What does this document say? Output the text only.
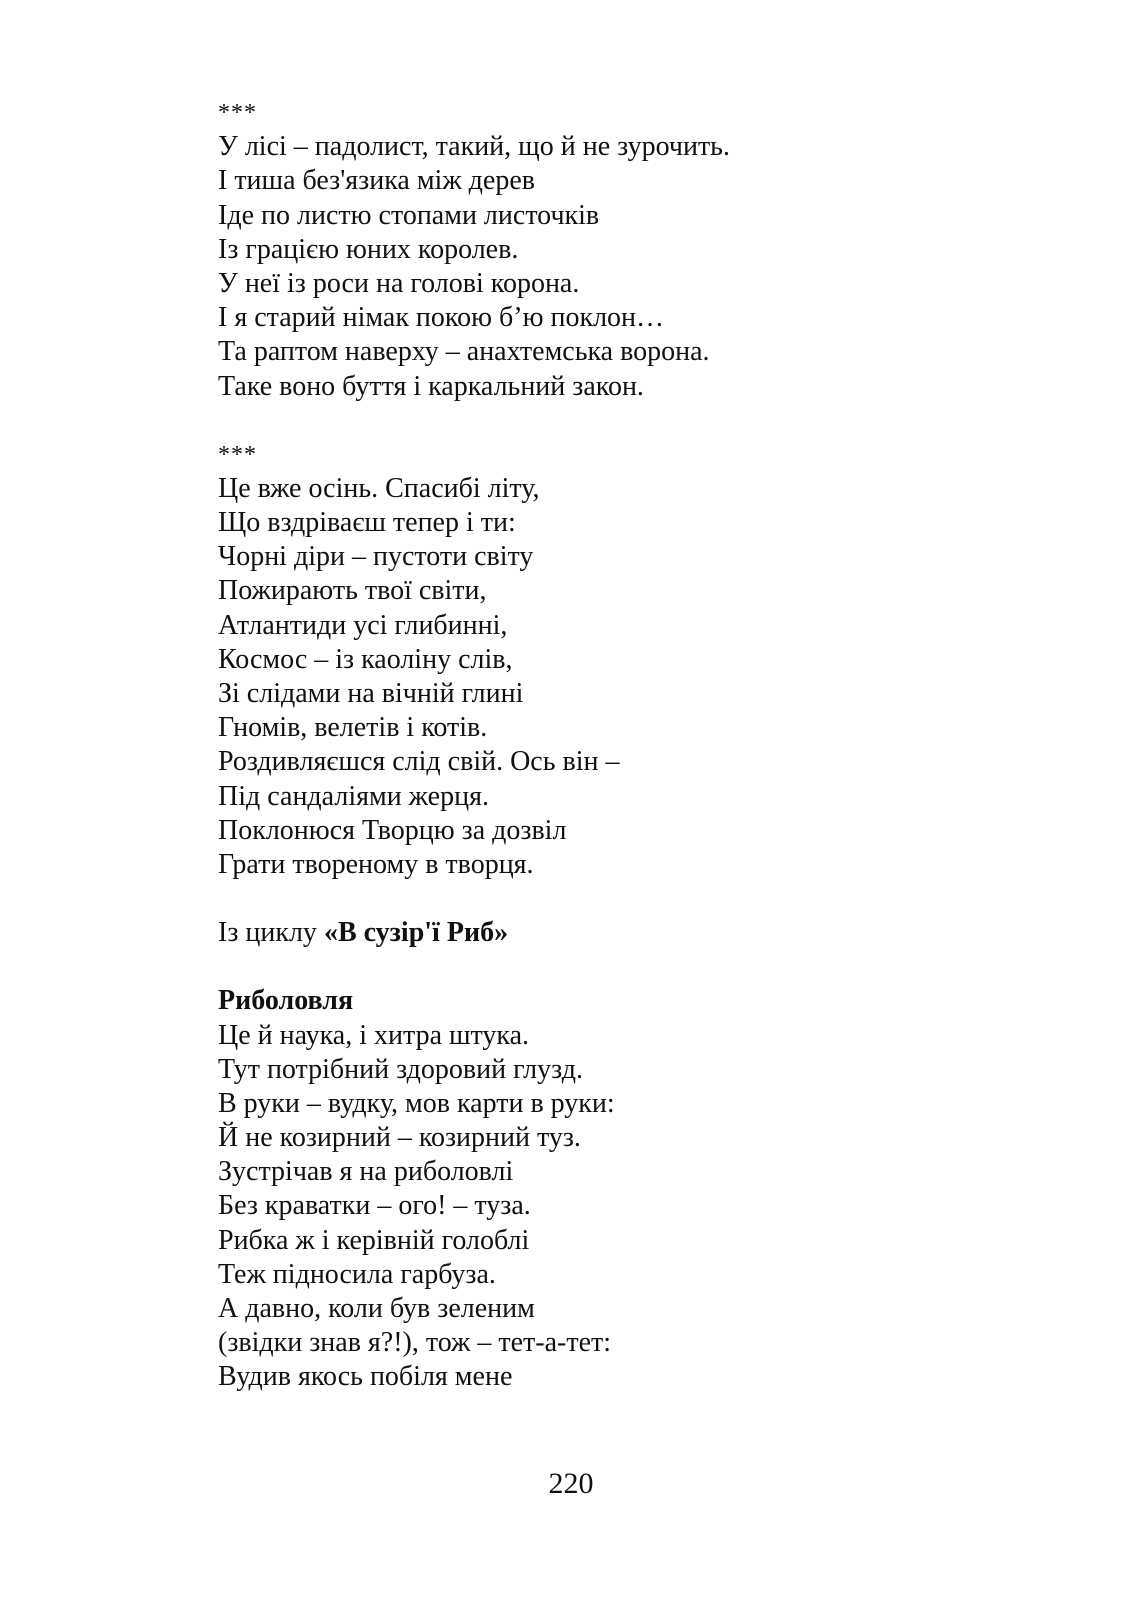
***
У лісі – падолист, такий, що й не зурочить.
І тиша без'язика між дерев
Іде по листю стопами листочків
Із грацією юних королев.
У неї із роси на голові корона.
І я старий німак покою б’ю поклон…
Та раптом наверху – анахтемська ворона.
Таке воно буття і каркальний закон.
***
Це вже осінь. Спасибі літу,
Що вздріваєш тепер і ти:
Чорні діри – пустоти світу
Пожирають твої світи,
Атлантиди усі глибинні,
Космос – із каоліну слів,
Зі слідами на вічній глині
Гномів, велетів і котів.
Роздивляєшся слід свій. Ось він –
Під сандаліями жерця.
Поклонюся Творцю за дозвіл
Грати твореному в творця.
Із циклу «В сузір'ї Риб»
Риболовля
Це й наука, і хитра штука.
Тут потрібний здоровий глузд.
В руки – вудку, мов карти в руки:
Й не козирний – козирний туз.
Зустрічав я на риболовлі
Без краватки – ого! – туза.
Рибка ж і керівній голоблі
Теж підносила гарбуза.
А давно, коли був зеленим
(звідки знав я?!), тож – тет-а-тет:
Вудив якось побіля мене
220
